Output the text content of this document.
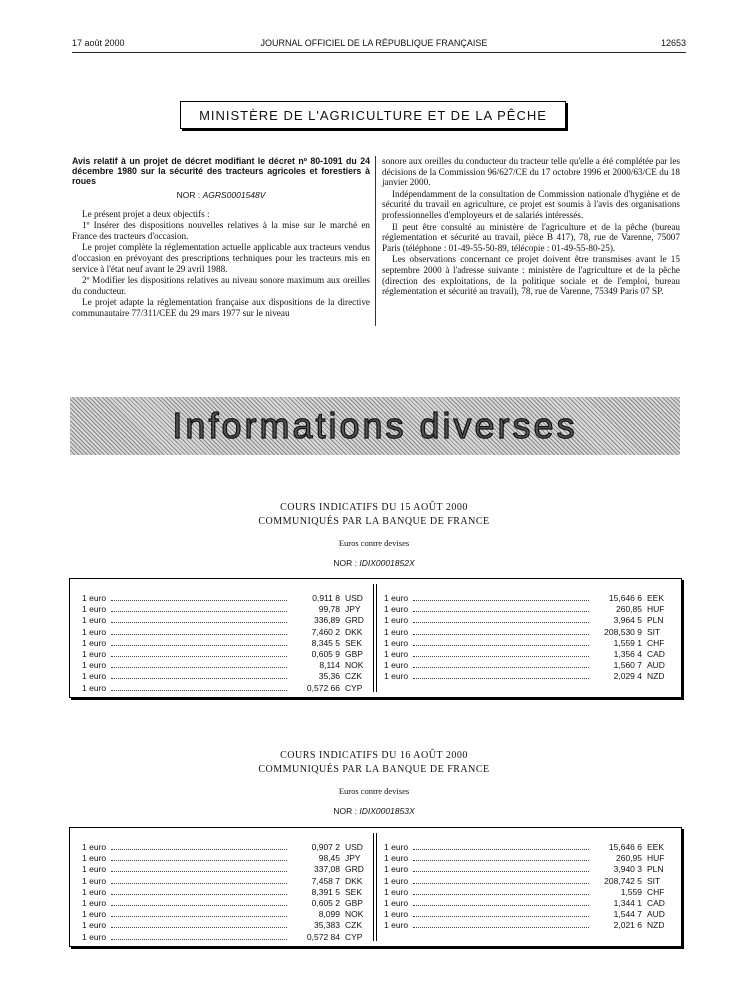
17 août 2000	JOURNAL OFFICIEL DE LA RÉPUBLIQUE FRANÇAISE	12653
MINISTÈRE DE L'AGRICULTURE ET DE LA PÊCHE

Avis relatif à un projet de décret modifiant le décret nº 80-1091 du 24 décembre 1980 sur la sécurité des tracteurs agricoles et forestiers à roues

NOR : AGRS0001548V

Le présent projet a deux objectifs :

1º Insérer des dispositions nouvelles relatives à la mise sur le marché en France des tracteurs d'occasion.

Le projet complète la réglementation actuelle applicable aux tracteurs vendus d'occasion en prévoyant des prescriptions techniques pour les tracteurs mis en service à l'état neuf avant le 29 avril 1988.

2º Modifier les dispositions relatives au niveau sonore maximum aux oreilles du conducteur.

Le projet adapte la réglementation française aux dispositions de la directive communautaire 77/311/CEE du 29 mars 1977 sur le niveau

sonore aux oreilles du conducteur du tracteur telle qu'elle a été complétée par les décisions de la Commission 96/627/CE du 17 octobre 1996 et 2000/63/CE du 18 janvier 2000.

Indépendamment de la consultation de Commission nationale d'hygiène et de sécurité du travail en agriculture, ce projet est soumis à l'avis des organisations professionnelles d'employeurs et de salariés intéressés.

Il peut être consulté au ministère de l'agriculture et de la pêche (bureau réglementation et sécurité au travail, pièce B 417), 78, rue de Varenne, 75007 Paris (téléphone : 01-49-55-50-89, télécopie : 01-49-55-80-25).

Les observations concernant ce projet doivent être transmises avant le 15 septembre 2000 à l'adresse suivante : ministère de l'agriculture et de la pêche (direction des exploitations, de la politique sociale et de l'emploi, bureau réglementation et sécurité au travail), 78, rue de Varenne, 75349 Paris 07 SP.

Informations diverses
COURS INDICATIFS DU 15 AOÛT 2000
COMMUNIQUÉS PAR LA BANQUE DE FRANCE
Euros contre devises
NOR : IDIX0001852X
1 euro	0,911 8 USD
1 euro	99,78 JPY
1 euro	336,89 GRD
1 euro	7,460 2 DKK
1 euro	8,345 5 SEK
1 euro	0,605 9 GBP
1 euro	8,114 NOK
1 euro	35,36 CZK
1 euro	0,572 66 CYP
1 euro	15,646 6 EEK
1 euro	260,85 HUF
1 euro	3,964 5 PLN
1 euro	208,530 9 SIT
1 euro	1,559 1 CHF
1 euro	1,356 4 CAD
1 euro	1,560 7 AUD
1 euro	2,029 4 NZD
COURS INDICATIFS DU 16 AOÛT 2000
COMMUNIQUÉS PAR LA BANQUE DE FRANCE
Euros contre devises
NOR : IDIX0001853X
1 euro	0,907 2 USD
1 euro	98,45 JPY
1 euro	337,08 GRD
1 euro	7,458 7 DKK
1 euro	8,391 5 SEK
1 euro	0,605 2 GBP
1 euro	8,099 NOK
1 euro	35,383 CZK
1 euro	0,572 84 CYP
1 euro	15,646 6 EEK
1 euro	260,95 HUF
1 euro	3,940 3 PLN
1 euro	208,742 5 SIT
1 euro	1,559 CHF
1 euro	1,344 1 CAD
1 euro	1,544 7 AUD
1 euro	2,021 6 NZD
